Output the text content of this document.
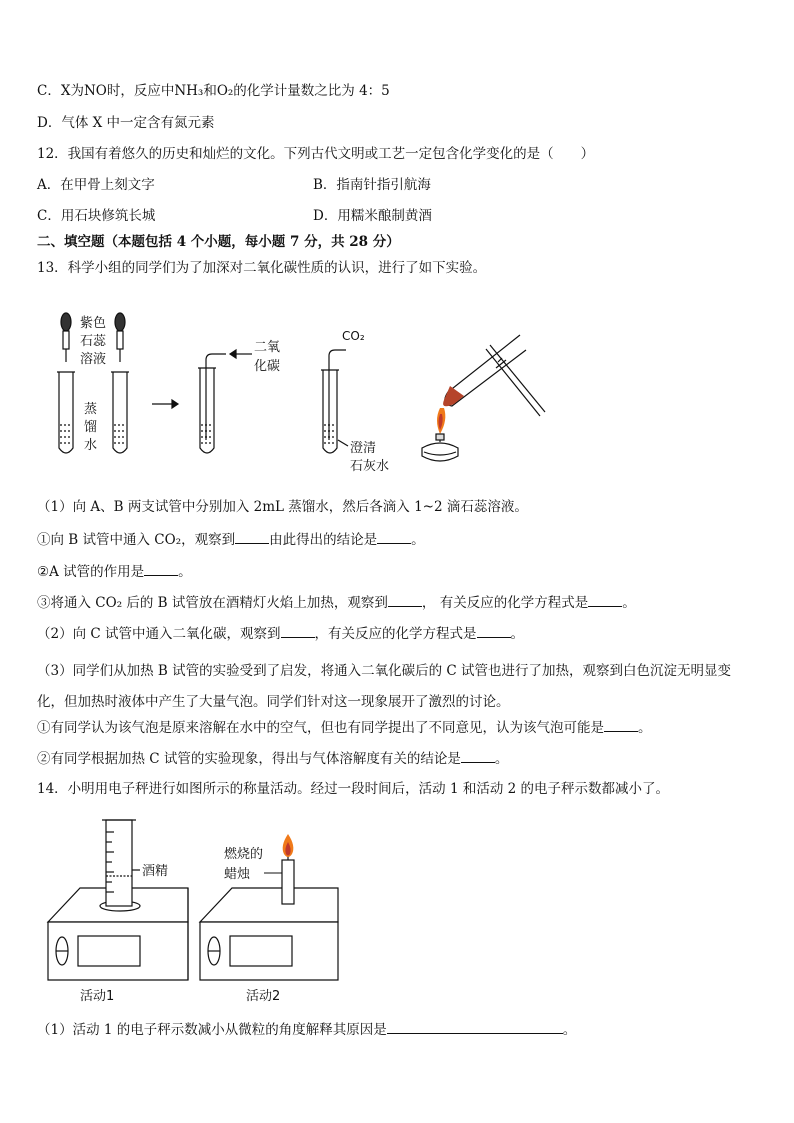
C．X为NO时，反应中NH₃和O₂的化学计量数之比为 4：5
D．气体 X 中一定含有氮元素
12．我国有着悠久的历史和灿烂的文化。下列古代文明或工艺一定包含化学变化的是（　　）
A．在甲骨上刻文字	B．指南针指引航海
C．用石块修筑长城	D．用糯米酿制黄酒
二、填空题（本题包括 4 个小题，每小题 7 分，共 28 分）
13．科学小组的同学们为了加深对二氧化碳性质的认识，进行了如下实验。
紫色
石蕊
溶液
蒸
馏
水
二氧
化碳
CO₂
澄清
石灰水
（1）向 A、B 两支试管中分别加入 2mL 蒸馏水，然后各滴入 1~2 滴石蕊溶液。
①向 B 试管中通入 CO₂，观察到	由此得出的结论是	。
②A 试管的作用是	。
③将通入 CO₂ 后的 B 试管放在酒精灯火焰上加热，观察到	， 有关反应的化学方程式是	。
（2）向 C 试管中通入二氧化碳，观察到	，有关反应的化学方程式是	。
（3）同学们从加热 B 试管的实验受到了启发，将通入二氧化碳后的 C 试管也进行了加热，观察到白色沉淀无明显变化，但加热时液体中产生了大量气泡。同学们针对这一现象展开了激烈的讨论。
①有同学认为该气泡是原来溶解在水中的空气，但也有同学提出了不同意见，认为该气泡可能是	。
②有同学根据加热 C 试管的实验现象，得出与气体溶解度有关的结论是	。
14．小明用电子秤进行如图所示的称量活动。经过一段时间后，活动 1 和活动 2 的电子秤示数都减小了。
酒精
活动1
燃烧的
蜡烛
活动2
（1）活动 1 的电子秤示数减小从微粒的角度解释其原因是	。
